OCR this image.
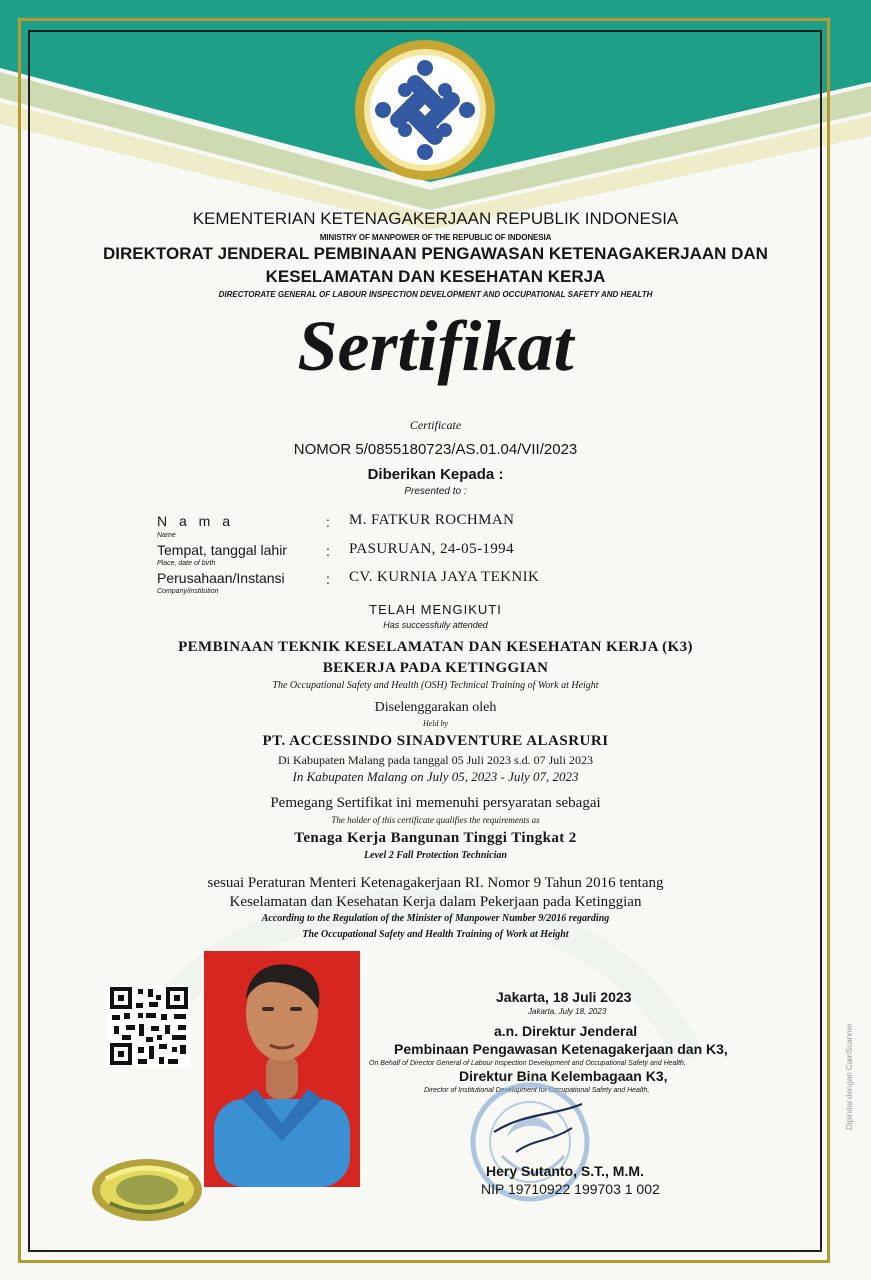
KEMENTERIAN KETENAGAKERJAAN REPUBLIK INDONESIA
MINISTRY OF MANPOWER OF THE REPUBLIC OF INDONESIA
DIREKTORAT JENDERAL PEMBINAAN PENGAWASAN KETENAGAKERJAAN DAN
KESELAMATAN DAN KESEHATAN KERJA
DIRECTORATE GENERAL OF LABOUR INSPECTION DEVELOPMENT AND OCCUPATIONAL SAFETY AND HEALTH
Sertifikat
Certificate
NOMOR 5/0855180723/AS.01.04/VII/2023
Diberikan Kepada :
Presented to :
N a m a
Name
: M. FATKUR ROCHMAN
Tempat, tanggal lahir
Place, date of birth
: PASURUAN, 24-05-1994
Perusahaan/Instansi
Company/institution
: CV. KURNIA JAYA TEKNIK
TELAH MENGIKUTI
Has successfully attended
PEMBINAAN TEKNIK KESELAMATAN DAN KESEHATAN KERJA (K3)
BEKERJA PADA KETINGGIAN
The Occupational Safety and Health (OSH) Technical Training of Work at Height
Diselenggarakan oleh
Held by
PT. ACCESSINDO SINADVENTURE ALASRURI
Di Kabupaten Malang pada tanggal 05 Juli 2023 s.d. 07 Juli 2023
In Kabupaten Malang on July 05, 2023 - July 07, 2023
Pemegang Sertifikat ini memenuhi persyaratan sebagai
The holder of this certificate qualifies the requirements as
Tenaga Kerja Bangunan Tinggi Tingkat 2
Level 2 Fall Protection Technician
sesuai Peraturan Menteri Ketenagakerjaan RI. Nomor 9 Tahun 2016 tentang
Keselamatan dan Kesehatan Kerja dalam Pekerjaan pada Ketinggian
According to the Regulation of the Minister of Manpower Number 9/2016 regarding
The Occupational Safety and Health Training of Work at Height
Jakarta, 18 Juli 2023
Jakarta, July 18, 2023
a.n. Direktur Jenderal
Pembinaan Pengawasan Ketenagakerjaan dan K3,
On Behalf of Director General of Labour Inspection Development and Occupational Safety and Health,
Direktur Bina Kelembagaan K3,
Director of Institutional Development for Occupational Safety and Health,
Hery Sutanto, S.T., M.M.
NIP 19710922 199703 1 002
Dipindai dengan CamScanner
